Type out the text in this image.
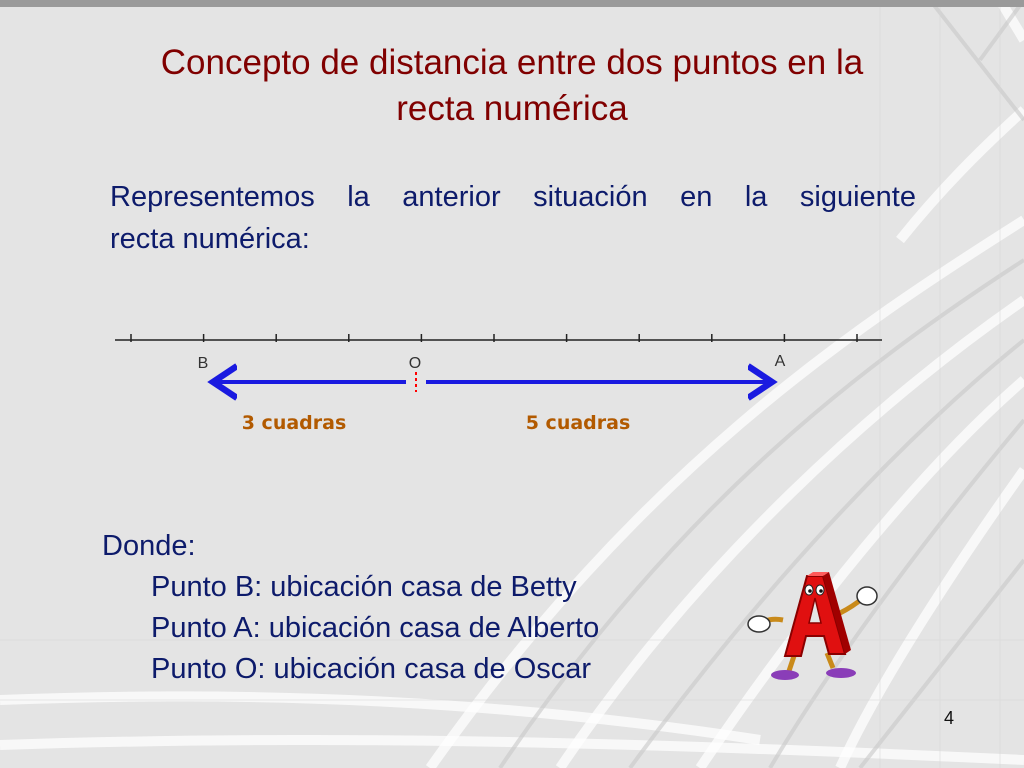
Concepto de distancia entre dos puntos en la
recta numérica
Representemos la anterior situación en la siguiente
recta numérica:
B	O	A
3 cuadras	5 cuadras
Donde:
Punto B: ubicación casa de Betty
Punto A: ubicación casa de Alberto
Punto O: ubicación casa de Oscar
4
